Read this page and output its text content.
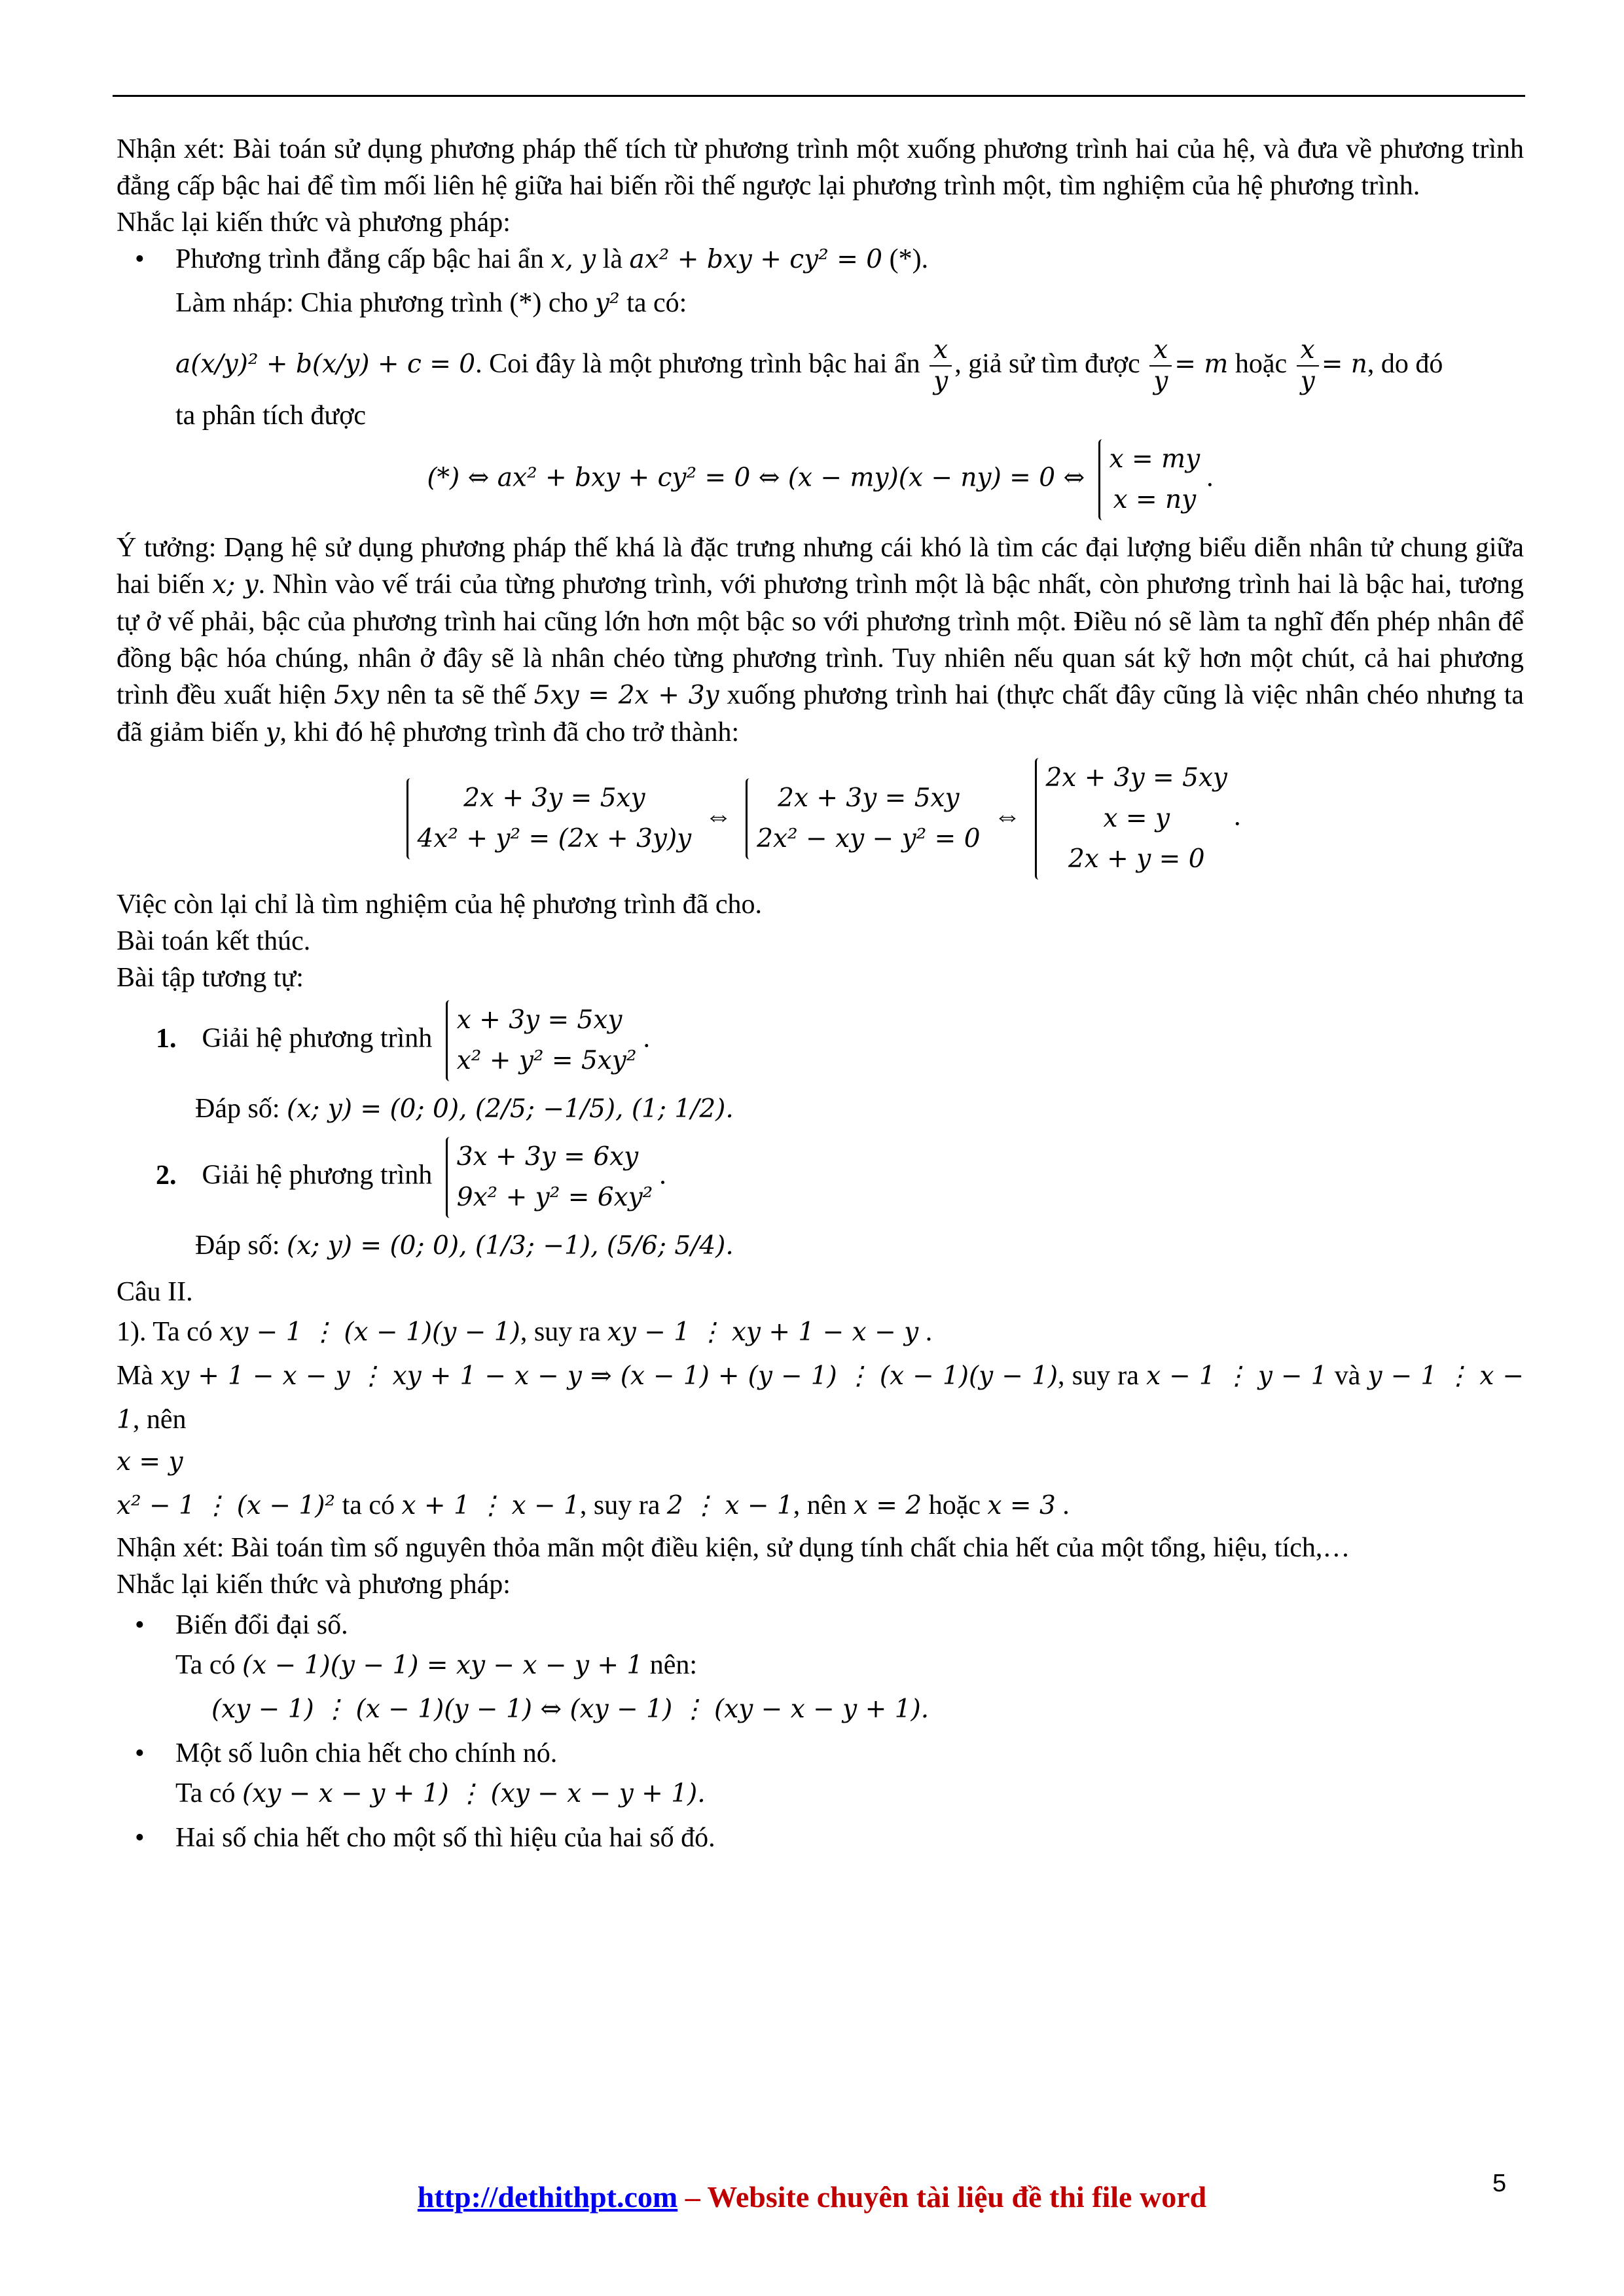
Nhận xét: Bài toán sử dụng phương pháp thế tích từ phương trình một xuống phương trình hai của hệ, và đưa về phương trình đẳng cấp bậc hai để tìm mối liên hệ giữa hai biến rồi thế ngược lại phương trình một, tìm nghiệm của hệ phương trình.
Nhắc lại kiến thức và phương pháp:
• Phương trình đẳng cấp bậc hai ẩn x, y là ax² + bxy + cy² = 0 (*).
Làm nháp: Chia phương trình (*) cho y² ta có:
a(x/y)² + b(x/y) + c = 0. Coi đây là một phương trình bậc hai ẩn $\frac{x}{y}$ , giả sử tìm được $\frac{x}{y} = m$ hoặc $\frac{x}{y} = n$, do đó
ta phân tích được
(*) ⇔ ax² + bxy + cy² = 0 ⇔ (x − my)(x − ny) = 0 ⇔
x = my
x = ny
.
Ý tưởng: Dạng hệ sử dụng phương pháp thế khá là đặc trưng nhưng cái khó là tìm các đại lượng biểu diễn nhân tử chung giữa hai biến x; y. Nhìn vào vế trái của từng phương trình, với phương trình một là bậc nhất, còn phương trình hai là bậc hai, tương tự ở vế phải, bậc của phương trình hai cũng lớn hơn một bậc so với phương trình một. Điều nó sẽ làm ta nghĩ đến phép nhân để đồng bậc hóa chúng, nhân ở đây sẽ là nhân chéo từng phương trình. Tuy nhiên nếu quan sát kỹ hơn một chút, cả hai phương trình đều xuất hiện 5xy nên ta sẽ thế 5xy = 2x + 3y xuống phương trình hai (thực chất đây cũng là việc nhân chéo nhưng ta đã giảm biến y, khi đó hệ phương trình đã cho trở thành:
2x + 3y = 5xy
4x² + y² = (2x + 3y)y
⇔
2x + 3y = 5xy
2x² − xy − y² = 0
⇔
2x + 3y = 5xy
x = y
2x + y = 0
.
Việc còn lại chỉ là tìm nghiệm của hệ phương trình đã cho.
Bài toán kết thúc.
Bài tập tương tự:
1. Giải hệ phương trình
x + 3y = 5xy
x² + y² = 5xy²
.
Đáp số: (x; y) = (0; 0), (2/5; −1/5), (1; 1/2).
2. Giải hệ phương trình
3x + 3y = 6xy
9x² + y² = 6xy²
.
Đáp số: (x; y) = (0; 0), (1/3; −1), (5/6; 5/4).
Câu II.
1). Ta có xy − 1 ⋮ (x − 1)(y − 1), suy ra xy − 1 ⋮ xy + 1 − x − y .
Mà xy + 1 − x − y ⋮ xy + 1 − x − y ⇒ (x − 1) + (y − 1) ⋮ (x − 1)(y − 1), suy ra x − 1 ⋮ y − 1 và y − 1 ⋮ x − 1, nên
x = y
x² − 1 ⋮ (x − 1)² ta có x + 1 ⋮ x − 1, suy ra 2 ⋮ x − 1, nên x = 2 hoặc x = 3 .
Nhận xét: Bài toán tìm số nguyên thỏa mãn một điều kiện, sử dụng tính chất chia hết của một tổng, hiệu, tích,…
Nhắc lại kiến thức và phương pháp:
• Biến đổi đại số.
Ta có (x − 1)(y − 1) = xy − x − y + 1 nên:
(xy − 1) ⋮ (x − 1)(y − 1) ⇔ (xy − 1) ⋮ (xy − x − y + 1).
• Một số luôn chia hết cho chính nó.
Ta có (xy − x − y + 1) ⋮ (xy − x − y + 1).
• Hai số chia hết cho một số thì hiệu của hai số đó.
http://dethithpt.com – Website chuyên tài liệu đề thi file word	5
